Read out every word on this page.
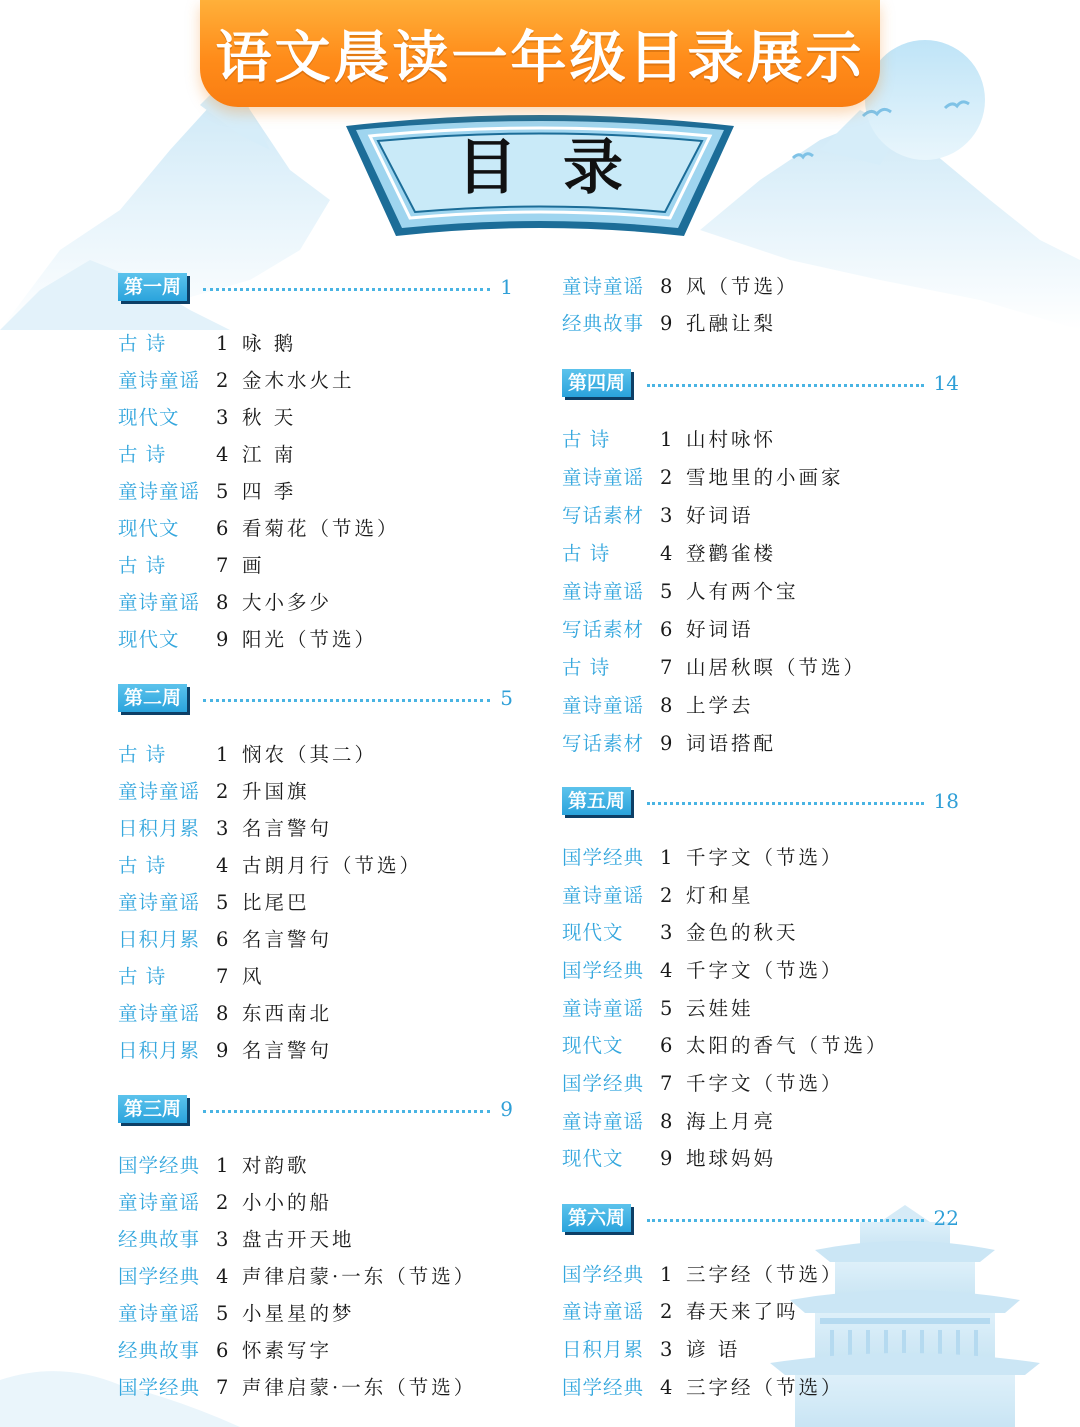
语文晨读一年级目录展示
目录
第一周	1
古 诗	1 咏 鹅
童诗童谣 2 金木水火土
现代文 3 秋 天
古 诗	4 江 南
童诗童谣 5 四 季
现代文 6 看菊花（节选）
古 诗	7 画
童诗童谣 8 大小多少
现代文 9 阳光（节选）
第二周	5
古 诗	1 悯农（其二）
童诗童谣 2 升国旗
日积月累 3 名言警句
古 诗	4 古朗月行（节选）
童诗童谣 5 比尾巴
日积月累 6 名言警句
古 诗	7 风
童诗童谣 8 东西南北
日积月累 9 名言警句
第三周	9
国学经典 1 对韵歌
童诗童谣 2 小小的船
经典故事 3 盘古开天地
国学经典 4 声律启蒙·一东（节选）
童诗童谣 5 小星星的梦
经典故事 6 怀素写字
国学经典 7 声律启蒙·一东（节选）
童诗童谣 8 风（节选）
经典故事 9 孔融让梨
第四周	14
古 诗	1 山村咏怀
童诗童谣 2 雪地里的小画家
写话素材 3 好词语
古 诗	4 登鹳雀楼
童诗童谣 5 人有两个宝
写话素材 6 好词语
古 诗	7 山居秋暝（节选）
童诗童谣 8 上学去
写话素材 9 词语搭配
第五周	18
国学经典 1 千字文（节选）
童诗童谣 2 灯和星
现代文 3 金色的秋天
国学经典 4 千字文（节选）
童诗童谣 5 云娃娃
现代文 6 太阳的香气（节选）
国学经典 7 千字文（节选）
童诗童谣 8 海上月亮
现代文 9 地球妈妈
第六周	22
国学经典 1 三字经（节选）
童诗童谣 2 春天来了吗
日积月累 3 谚 语
国学经典 4 三字经（节选）
